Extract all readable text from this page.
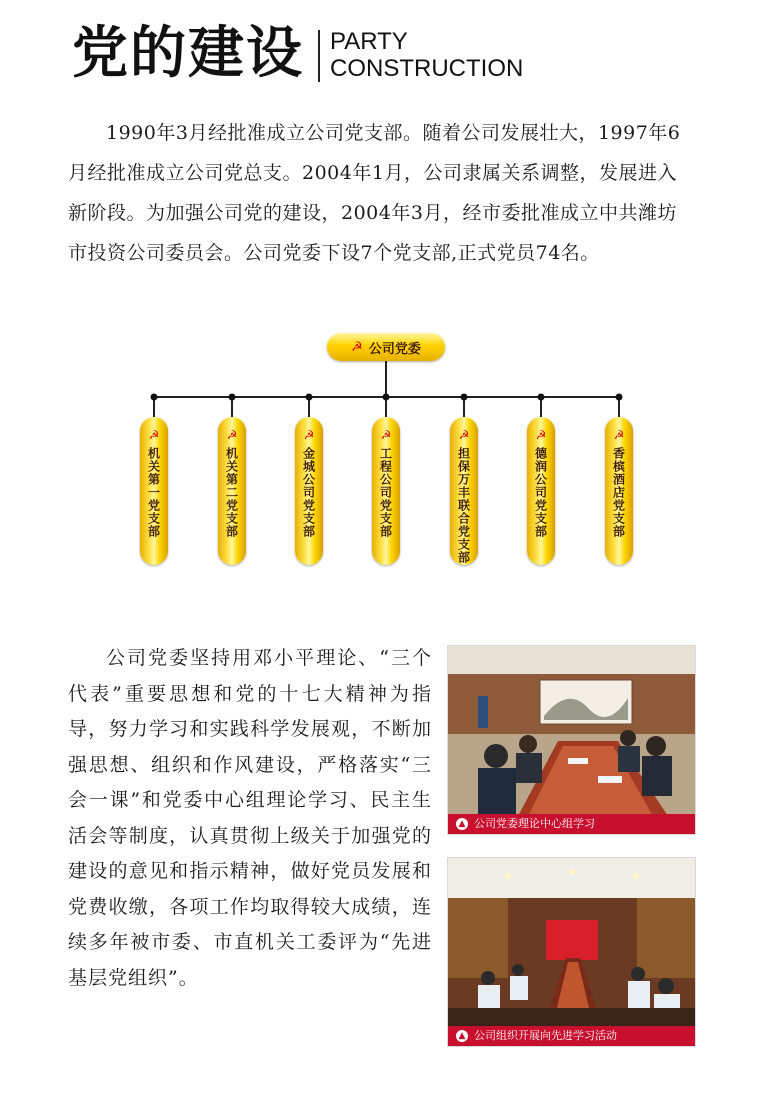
党的建设 PARTY
CONSTRUCTION

1990年3月经批准成立公司党支部。随着公司发展壮大，1997年6月经批准成立公司党总支。2004年1月，公司隶属关系调整，发展进入新阶段。为加强公司党的建设，2004年3月，经市委批准成立中共潍坊市投资公司委员会。公司党委下设7个党支部,正式党员74名。

☭ 公司党委
☭
机关第一党支部
☭
机关第二党支部
☭
金城公司党支部
☭
工程公司党支部
☭
担保万丰联合党支部
☭
德润公司党支部
☭
香槟酒店党支部

公司党委坚持用邓小平理论、“三个代表”重要思想和党的十七大精神为指导，努力学习和实践科学发展观，不断加强思想、组织和作风建设，严格落实“三会一课”和党委中心组理论学习、民主生活会等制度，认真贯彻上级关于加强党的建设的意见和指示精神，做好党员发展和党费收缴，各项工作均取得较大成绩，连续多年被市委、市直机关工委评为“先进基层党组织”。

▲ 公司党委理论中心组学习
▲ 公司组织开展向先进学习活动
